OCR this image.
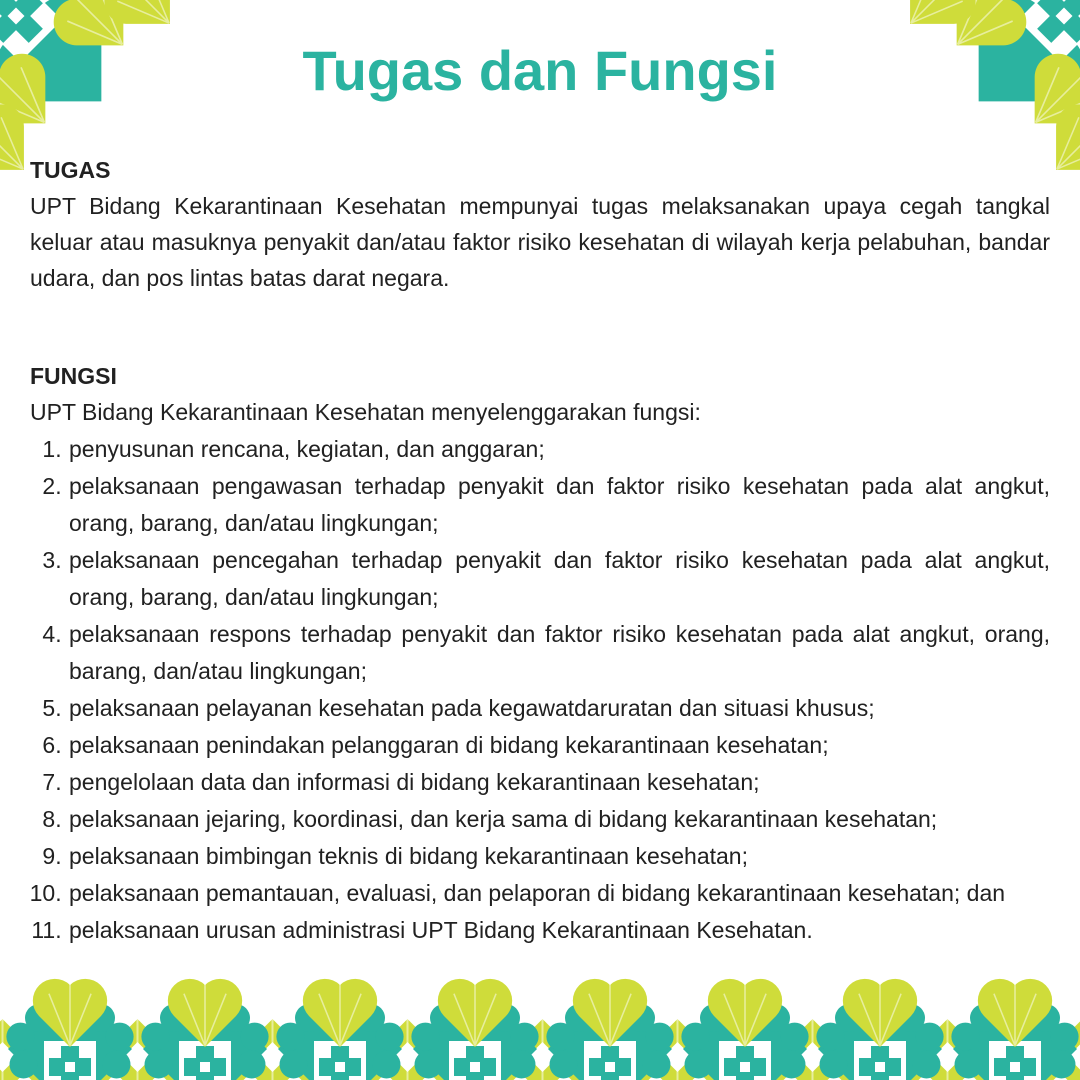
Tugas dan Fungsi
TUGAS

UPT Bidang Kekarantinaan Kesehatan mempunyai tugas melaksanakan upaya cegah tangkal keluar atau masuknya penyakit dan/atau faktor risiko kesehatan di wilayah kerja pelabuhan, bandar udara, dan pos lintas batas darat negara.

FUNGSI

UPT Bidang Kekarantinaan Kesehatan menyelenggarakan fungsi:

1. penyusunan rencana, kegiatan, dan anggaran;
2. pelaksanaan pengawasan terhadap penyakit dan faktor risiko kesehatan pada alat angkut, orang, barang, dan/atau lingkungan;
3. pelaksanaan pencegahan terhadap penyakit dan faktor risiko kesehatan pada alat angkut, orang, barang, dan/atau lingkungan;
4. pelaksanaan respons terhadap penyakit dan faktor risiko kesehatan pada alat angkut, orang, barang, dan/atau lingkungan;
5. pelaksanaan pelayanan kesehatan pada kegawatdaruratan dan situasi khusus;
6. pelaksanaan penindakan pelanggaran di bidang kekarantinaan kesehatan;
7. pengelolaan data dan informasi di bidang kekarantinaan kesehatan;
8. pelaksanaan jejaring, koordinasi, dan kerja sama di bidang kekarantinaan kesehatan;
9. pelaksanaan bimbingan teknis di bidang kekarantinaan kesehatan;
10. pelaksanaan pemantauan, evaluasi, dan pelaporan di bidang kekarantinaan kesehatan; dan
11. pelaksanaan urusan administrasi UPT Bidang Kekarantinaan Kesehatan.
